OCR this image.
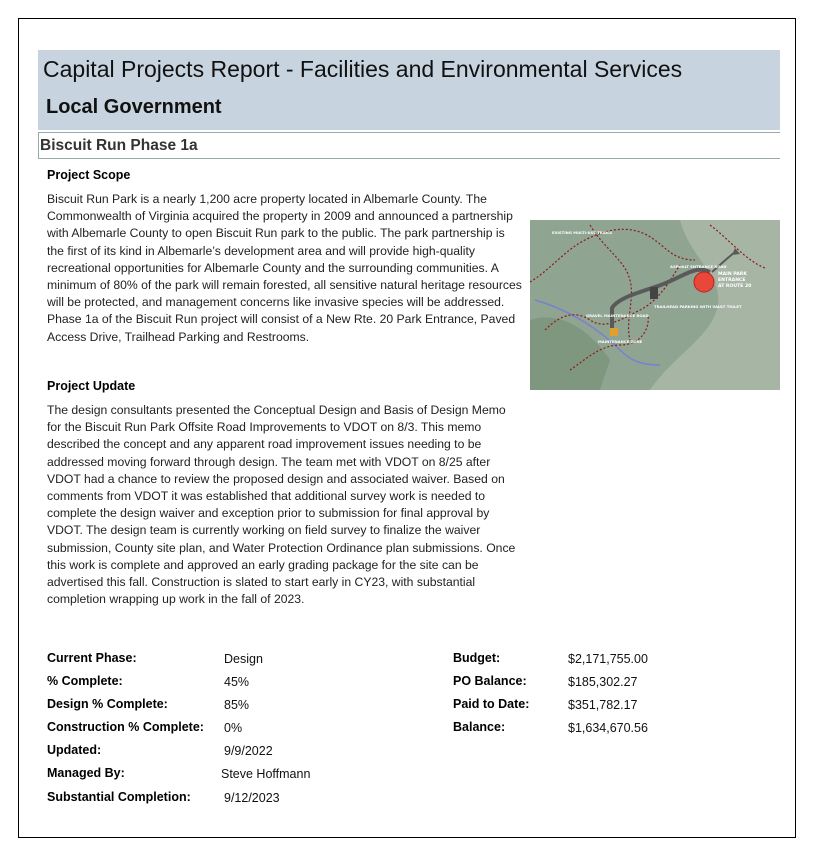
Capital Projects Report - Facilities and Environmental Services
Local Government
Biscuit Run Phase 1a
Project Scope
Biscuit Run Park is a nearly 1,200 acre property located in Albemarle County. The Commonwealth of Virginia acquired the property in 2009 and announced a partnership with Albemarle County to open Biscuit Run park to the public. The park partnership is the first of its kind in Albemarle’s development area and will provide high-quality recreational opportunities for Albemarle County and the surrounding communities. A minimum of 80% of the park will remain forested, all sensitive natural heritage resources will be protected, and management concerns like invasive species will be addressed. Phase 1a of the Biscuit Run project will consist of a New Rte. 20 Park Entrance, Paved Access Drive, Trailhead Parking and Restrooms.
EXISTING MULTI-USE TRAILS
ASPHALT ENTRANCE ROAD
MAIN PARK
ENTRANCE
AT ROUTE 20
TRAILHEAD PARKING WITH VAULT TOILET
GRAVEL MAINTENANCE ROAD
MAINTENANCE ZONE
Project Update
The design consultants presented the Conceptual Design and Basis of Design Memo for the Biscuit Run Park Offsite Road Improvements to VDOT on 8/3. This memo described the concept and any apparent road improvement issues needing to be addressed moving forward through design. The team met with VDOT on 8/25 after VDOT had a chance to review the proposed design and associated waiver. Based on comments from VDOT it was established that additional survey work is needed to complete the design waiver and exception prior to submission for final approval by VDOT. The design team is currently working on field survey to finalize the waiver submission, County site plan, and Water Protection Ordinance plan submissions. Once this work is complete and approved an early grading package for the site can be advertised this fall. Construction is slated to start early in CY23, with substantial completion wrapping up work in the fall of 2023.
Current Phase:	Design
% Complete:	45%
Design % Complete:	85%
Construction % Complete: 0%
Updated:	9/9/2022
Managed By:	Steve Hoffmann
Substantial Completion:	9/12/2023
Budget:	$2,171,755.00
PO Balance:	$185,302.27
Paid to Date:	$351,782.17
Balance:	$1,634,670.56
